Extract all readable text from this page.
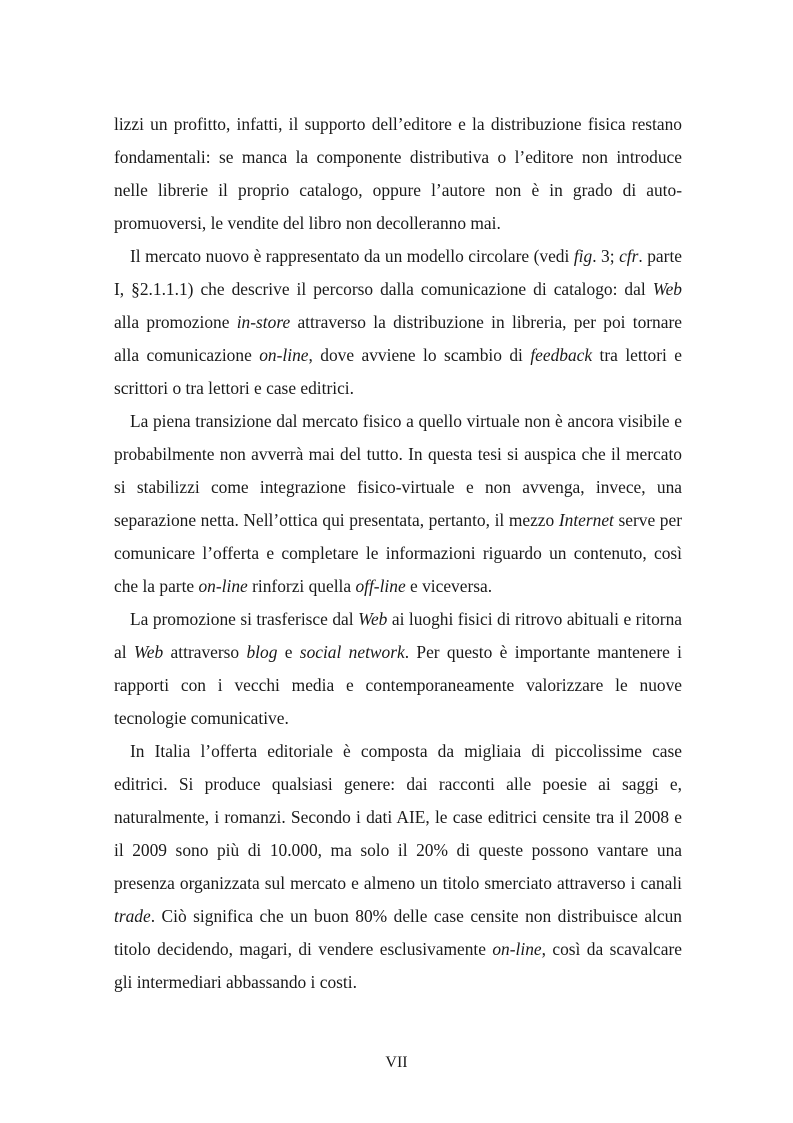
lizzi un profitto, infatti, il supporto dell’editore e la distribuzione fisica restano fondamentali: se manca la componente distributiva o l’editore non introduce nelle librerie il proprio catalogo, oppure l’autore non è in grado di auto-promuoversi, le vendite del libro non decolleranno mai.

Il mercato nuovo è rappresentato da un modello circolare (vedi fig. 3; cfr. parte I, §2.1.1.1) che descrive il percorso dalla comunicazione di catalogo: dal Web alla promozione in-store attraverso la distribuzione in libreria, per poi tornare alla comunicazione on-line, dove avviene lo scambio di feedback tra lettori e scrittori o tra lettori e case editrici.

La piena transizione dal mercato fisico a quello virtuale non è ancora visibile e probabilmente non avverrà mai del tutto. In questa tesi si auspica che il mercato si stabilizzi come integrazione fisico-virtuale e non avvenga, invece, una separazione netta. Nell’ottica qui presentata, pertanto, il mezzo Internet serve per comunicare l’offerta e completare le informazioni riguardo un contenuto, così che la parte on-line rinforzi quella off-line e viceversa.

La promozione si trasferisce dal Web ai luoghi fisici di ritrovo abituali e ritorna al Web attraverso blog e social network. Per questo è importante mantenere i rapporti con i vecchi media e contemporaneamente valorizzare le nuove tecnologie comunicative.

In Italia l’offerta editoriale è composta da migliaia di piccolissime case editrici. Si produce qualsiasi genere: dai racconti alle poesie ai saggi e, naturalmente, i romanzi. Secondo i dati AIE, le case editrici censite tra il 2008 e il 2009 sono più di 10.000, ma solo il 20% di queste possono vantare una presenza organizzata sul mercato e almeno un titolo smerciato attraverso i canali trade. Ciò significa che un buon 80% delle case censite non distribuisce alcun titolo decidendo, magari, di vendere esclusivamente on-line, così da scavalcare gli intermediari abbassando i costi.

VII
